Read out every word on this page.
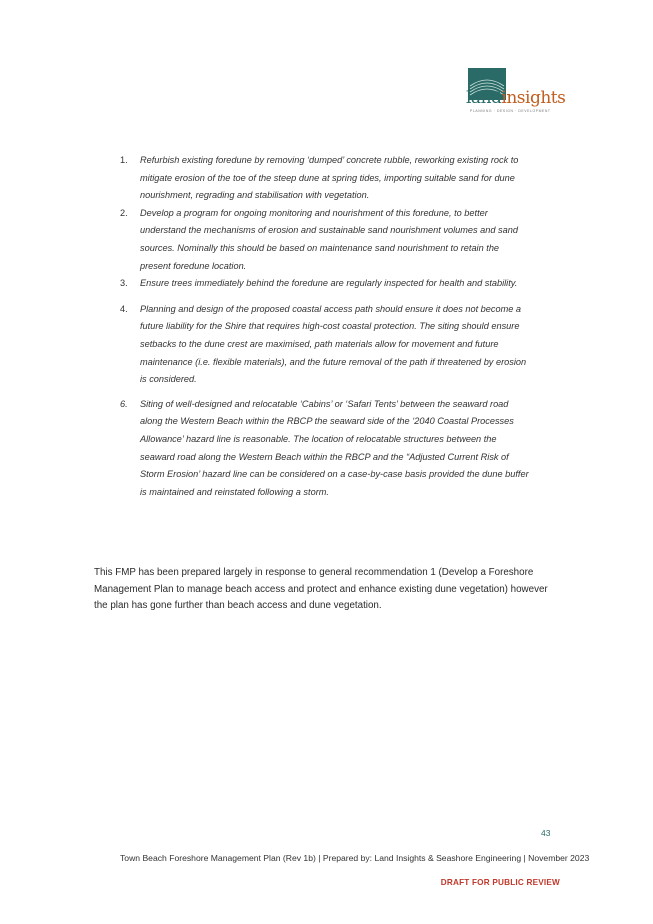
landinsights
PLANNING · DESIGN · DEVELOPMENT
1. Refurbish existing foredune by removing ‘dumped’ concrete rubble, reworking existing rock to mitigate erosion of the toe of the steep dune at spring tides, importing suitable sand for dune nourishment, regrading and stabilisation with vegetation.
2. Develop a program for ongoing monitoring and nourishment of this foredune, to better understand the mechanisms of erosion and sustainable sand nourishment volumes and sand sources. Nominally this should be based on maintenance sand nourishment to retain the present foredune location.
3. Ensure trees immediately behind the foredune are regularly inspected for health and stability.
4. Planning and design of the proposed coastal access path should ensure it does not become a future liability for the Shire that requires high-cost coastal protection. The siting should ensure setbacks to the dune crest are maximised, path materials allow for movement and future maintenance (i.e. flexible materials), and the future removal of the path if threatened by erosion is considered.
6. Siting of well-designed and relocatable ‘Cabins’ or ‘Safari Tents’ between the seaward road along the Western Beach within the RBCP the seaward side of the ‘2040 Coastal Processes Allowance’ hazard line is reasonable. The location of relocatable structures between the seaward road along the Western Beach within the RBCP and the “Adjusted Current Risk of Storm Erosion’ hazard line can be considered on a case-by-case basis provided the dune buffer is maintained and reinstated following a storm.

This FMP has been prepared largely in response to general recommendation 1 (Develop a Foreshore Management Plan to manage beach access and protect and enhance existing dune vegetation) however the plan has gone further than beach access and dune vegetation.

43
Town Beach Foreshore Management Plan (Rev 1b) | Prepared by: Land Insights & Seashore Engineering | November 2023
DRAFT FOR PUBLIC REVIEW
